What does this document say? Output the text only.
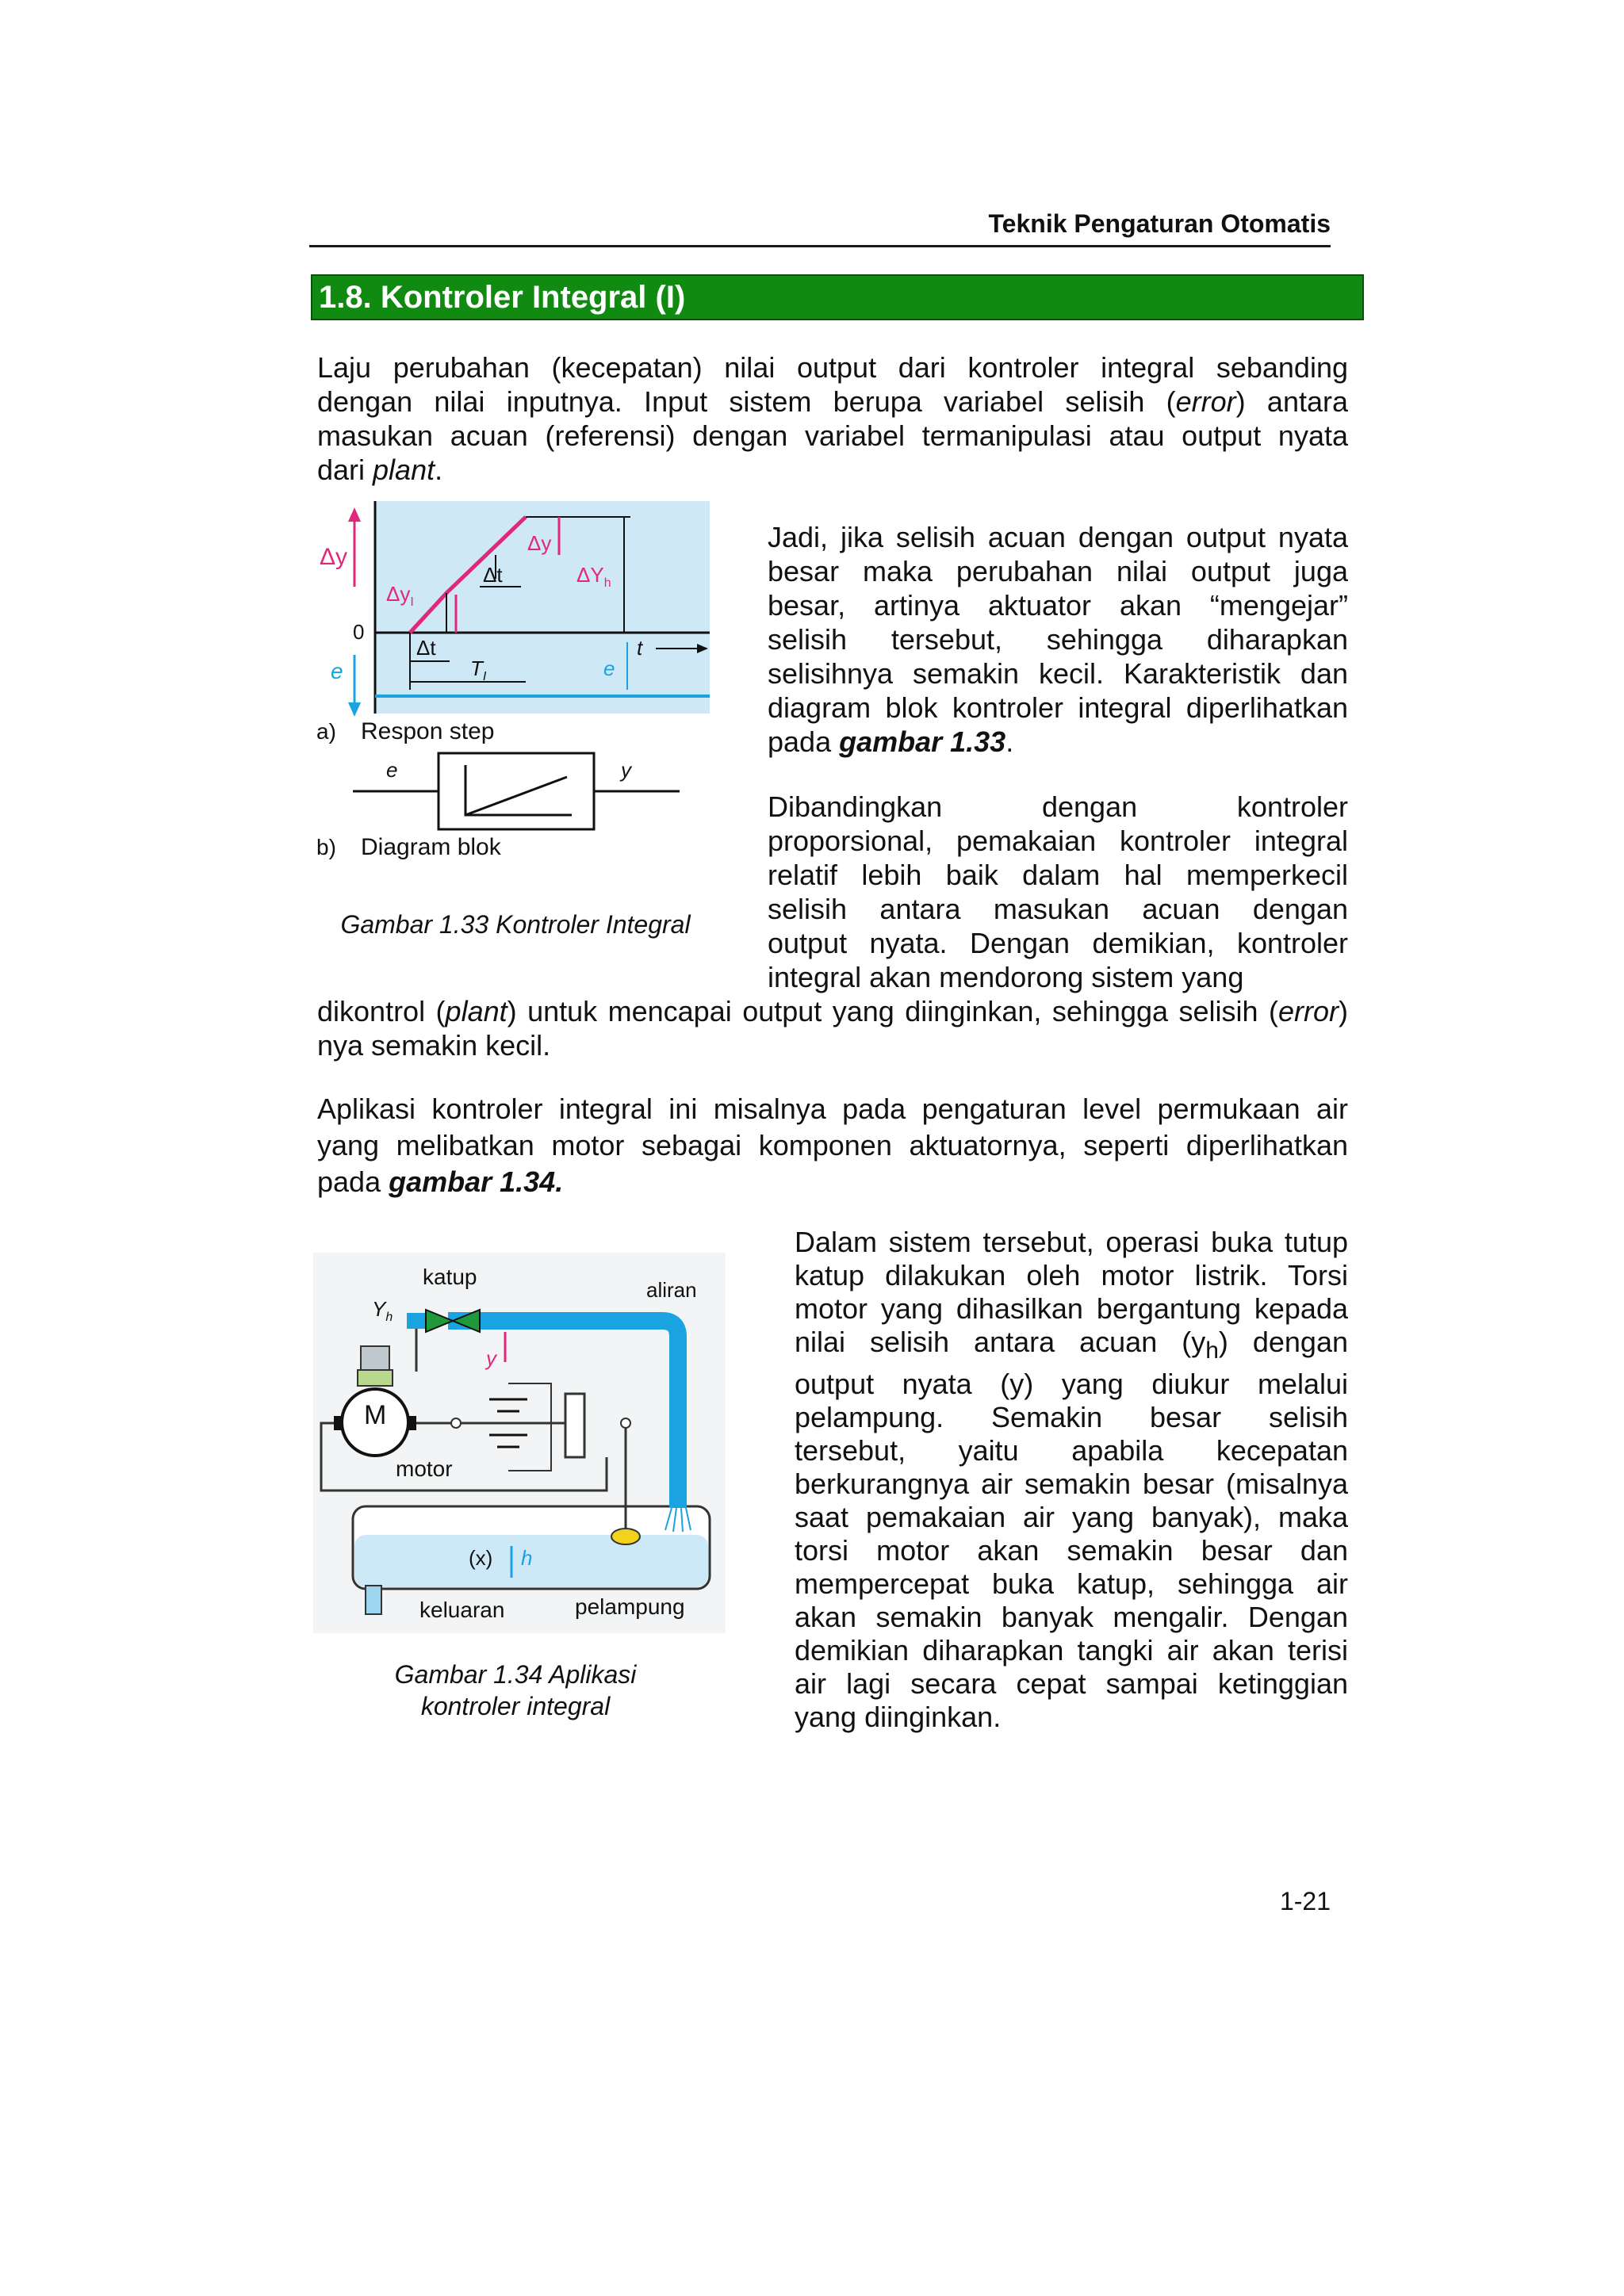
Teknik Pengaturan Otomatis
1.8. Kontroler Integral (I)
Laju perubahan (kecepatan) nilai output dari kontroler integral sebanding
dengan nilai inputnya. Input sistem berupa variabel selisih (error) antara
masukan acuan (referensi) dengan variabel termanipulasi atau output nyata
dari plant.
Δy
0
e
$\Delta y_I$
Δt
Δy
$\Delta Y_h$
Δt
$T_I$	e
t
a) Respon step
e	y
b) Diagram blok
Gambar 1.33 Kontroler Integral
Jadi, jika selisih acuan dengan output nyata
besar maka perubahan nilai output juga
besar, artinya aktuator akan “mengejar”
selisih tersebut, sehingga diharapkan
selisihnya semakin kecil. Karakteristik dan
diagram blok kontroler integral diperlihatkan
pada gambar 1.33.
Dibandingkan dengan kontroler
proporsional, pemakaian kontroler integral
relatif lebih baik dalam hal memperkecil
selisih antara masukan acuan dengan
output nyata. Dengan demikian, kontroler
integral akan mendorong sistem yang
dikontrol (plant) untuk mencapai output yang diinginkan, sehingga selisih (error)
nya semakin kecil.
Aplikasi kontroler integral ini misalnya pada pengaturan level permukaan air
yang melibatkan motor sebagai komponen aktuatornya, seperti diperlihatkan
pada gambar 1.34.
katup
aliran
$Y_h$
y
M
motor
(x) h
keluaran	pelampung
Gambar 1.34 Aplikasi
kontroler integral
Dalam sistem tersebut, operasi buka tutup
katup dilakukan oleh motor listrik. Torsi
motor yang dihasilkan bergantung kepada
nilai selisih antara acuan $(y_h)$ dengan
output nyata (y) yang diukur melalui
pelampung. Semakin besar selisih
tersebut, yaitu apabila kecepatan
berkurangnya air semakin besar (misalnya
saat pemakaian air yang banyak), maka
torsi motor akan semakin besar dan
mempercepat buka katup, sehingga air
akan semakin banyak mengalir. Dengan
demikian diharapkan tangki air akan terisi
air lagi secara cepat sampai ketinggian
yang diinginkan.
1-21
